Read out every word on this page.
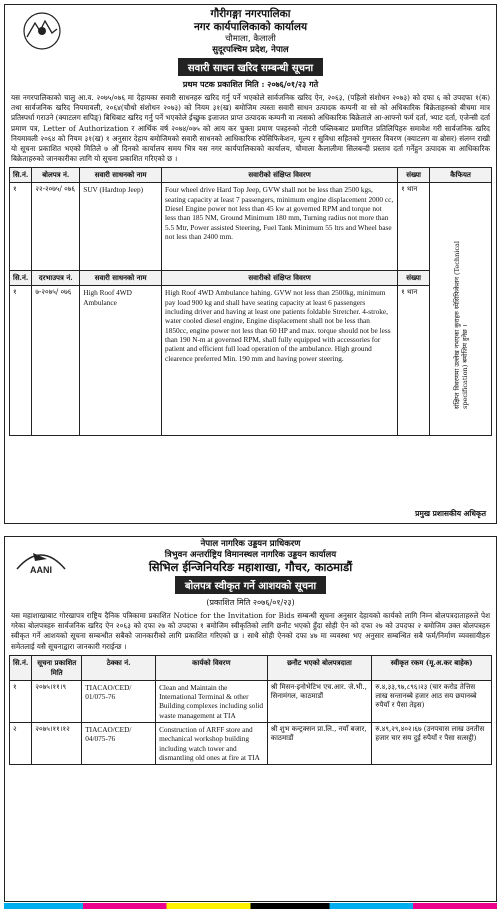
गौरीगङ्गा नगरपालिका
नगर कार्यपालिकाको कार्यालय
चौमाला, कैलाली
सुदूरपश्चिम प्रदेश, नेपाल
सवारी साधन खरिद सम्बन्धी सूचना
प्रथम पटक प्रकाशित मिति : २०७६/०१/२३ गते
यस नगरपालिकाको चालु आ.व. २०७५/०७६ मा देहायका सवारी साधनहरु खरिद गर्नु पर्ने भएकोले सार्वजनिक खरिद ऐन, २०६३, (पहिलो संशोधन २०७३) को दफा ६ को उपदफा १(क) तथा सार्वजनिक खरिद नियमावली, २०६४(चौथो संशोधन २०७३) को नियम ३१(ख) बमोजिम त्यस्ता सवारी साधन उत्पादक कम्पनी वा सो को अधिकारिक बिक्रेताहरुको बीचमा मात्र प्रतिस्पर्धा गराउने (क्याटलग सपिङ्) बिधिबाट खरिद गर्नु पर्ने भएकोले ईच्छुक इजाजत प्राप्त उत्पादक कम्पनी वा त्यसको अधिकारिक बिक्रेताले आ-आफ्नो फर्म दर्ता, भ्याट दर्ता, एजेन्सी दर्ता प्रमाण पत्र, Letter of Authorization र आर्थिक वर्ष २०७४/०७५ को आय कर चुक्ता प्रमाण पत्रहरुको नोटरी पब्लिकबाट प्रमाणित प्रतिलिपिहरु समावेश गरी सार्वजनिक खरिद नियमावली २०६४ को नियम ३१(ख) १ अनुसार देहाय बमोजिमको सवारी साधनको आधिकारिक स्पेसिफिकेशन, मूल्य र सुविधा सहितको गुणस्तर विवरण (क्याटलग वा ब्रोसर) संलग्न राखी यो सूचना प्रकाशित भएको मितिले ७ औं दिनको कार्यालय समय भित्र यस नगर कार्यपालिकाको कार्यालय, चौमाला कैलालीमा सिलबन्दी प्रस्ताव दर्ता गर्नेहुन उत्पादक वा आधिकारिक बिक्रेताहरुको जानकारीका लागि यो सूचना प्रकाशित गरिएको छ ।
सि.नं.	बोलपत्र नं.	सवारी साधनको नाम	सवारीको संक्षिप्त विवरण	संख्या	कैफियत
१	२२-२०७५/ ०७६	SUV (Hardtop Jeep)	Four wheel drive Hard Top Jeep, GVW shall not be less than 2500 kgs, seating capacity at least 7 passengers, minimum engine displacement 2000 cc, Diesel Engine power not less than 45 kw at governed RPM and torque not less than 185 NM, Ground Minimum 180 mm, Turning radius not more than 5.5 Mtr, Power assisted Steering, Fuel Tank Minimum 55 ltrs and Wheel base not less than 2400 mm.	१ थान	संक्षिप्त विवरणमा उल्लेख नभएका कुराहरु स्पेसिफिकेशन (Technical specification) बमोजिम हुनेछ ।

सि.नं.	दरभाउपत्र नं.	सवारी साधनको नाम	सवारीको संक्षिप्त विवरण	संख्या	
१	७-२०७५/ ०७६	High Roof 4WD Ambulance	High Roof 4WD Ambulance hahing. GVW not less than 2500kg, minimum pay load 900 kg and shall have seating capacity at least 6 passengers including driver and having at least one patients foldable Stretcher. 4-stroke, water cooled diesel engine, Engine displacement shall not be less than 1850cc, engine power not less than 60 HP and max. torque should not be less than 190 N-m at governed RPM, shall fully equipped with accessories for patient and efficient full load operation of the ambulance. High ground clearence preferred Min. 190 mm and having power steering.	१ थान	
प्रमुख प्रशासकीय अधिकृत
AANI
नेपाल नागरिक उड्डयन प्राधिकरण
त्रिभुवन अन्तर्राष्ट्रिय विमानस्थल नागरिक उड्डयन कार्यालय
सिभिल ईन्जिनियरिङ महाशाखा, गौचर, काठमाडौं
बोलपत्र स्वीकृत गर्ने आशयको सूचना
(प्रकाशित मिति २०७६/०१/२३)
यस महाशाखाबाट गोरखापत्र राष्ट्रिय दैनिक पत्रिकामा प्रकाशित Notice for the Invitation for Bids सम्बन्धी सूचना अनुसार देहायको कार्यको लागि निम्न बोलपत्रदाताहरुले पेश गरेका बोलपत्रहरु सार्वजनिक खरिद ऐन २०६३ को दफा २७ को उपदफा १ बमोजिम स्वीकृतिको लागि छनौट भएको हुँदा सोही ऐन को दफा २७ को उपदफा २ बमोजिम उक्त बोलपत्रहरु स्वीकृत गर्ने आशयको सूचना सम्बन्धीत सबैको जानकारीको लागि प्रकाशित गरिएको छ । साथै सोही ऐनको दफा ४७ मा व्यवस्था भए अनुसार सम्बन्धित सबै फर्म/निर्माण व्यवसायीहरु समेतलाई यसै सूचनाद्वारा जानकारी गराईन्छ ।
सि.नं.	सूचना प्रकाशित मिति	ठेक्का नं.	कार्यको विवरण	छनौट भएको बोलपत्रदाता	स्वीकृत रकम (मू.अ.कर बाहेक)
१	२०७५।११।९	TIACAO/CED/ 01/075-76	Clean and Maintain the International Terminal & other Building complexes including solid waste management at TIA	श्री मिसन-इनोभेटिभ एच.आर. जे.भी., सिनामंगल, काठमाडौं	रु.४,३३,९७,८९६।२३ (चार करोड तेत्तिस लाख सन्तानब्बे हजार आठ सय छयानब्बे रुपैयाँ र पैसा तेइस)
२	२०७५।११।१२	TIACAO/CED/ 04/075-76	Construction of ARFF store and mechanical workshop building including watch tower and dismantling old ones at fire at TIA	श्री शुभ कन्ट्रक्सन प्रा.लि., नयाँ बजार, काठमाडौं	रु.४९,२९,४०२।६७ (उनपचास लाख उनतीस हजार चार सय दुई रुपैयाँ र पैसा सत्सट्ठी)
